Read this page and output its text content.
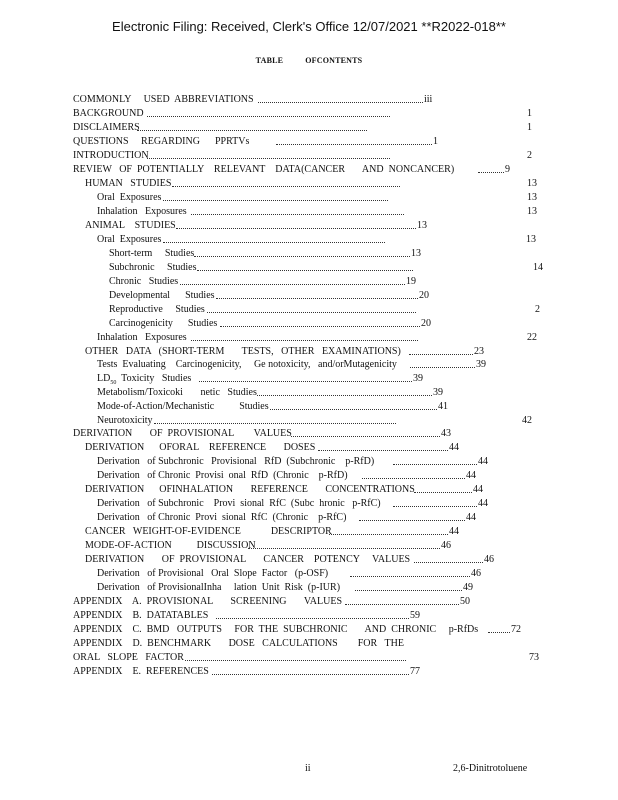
Electronic Filing: Received, Clerk's Office 12/07/2021 **R2022-018**
TABLE	OFCONTENTS
COMMONLY     USED  ABBREVIATIONS	iii
BACKGROUND	1
DISCLAIMERS	1
QUESTIONS     REGARDING      PPRTVs	1
INTRODUCTION	2
REVIEW   OF  POTENTIALLY    RELEVANT    DATA(CANCER       AND  NONCANCER)	9
HUMAN   STUDIES	13
Oral  Exposures	13
Inhalation   Exposures	13
ANIMAL    STUDIES	13
Oral  Exposures	13
Short-term     Studies	13
Subchronic     Studies	14
Chronic   Studies	19
Developmental      Studies	20
Reproductive     Studies	2
Carcinogenicity      Studies	20
Inhalation   Exposures	22
OTHER   DATA   (SHORT-TERM       TESTS,   OTHER   EXAMINATIONS)	23
Tests  Evaluating    Carcinogenicity,     Ge notoxicity,   and/orMutagenicity	39
$LD_{50}$  Toxicity   Studies	39
Metabolism/Toxicoki       netic   Studies	39
Mode-of-Action/Mechanistic          Studies	41
Neurotoxicity	42
DERIVATION       OF  PROVISIONAL        VALUES	43
DERIVATION      OFORAL    REFERENCE       DOSES	44
Derivation   of Subchronic   Provisional   RfD  (Subchronic    p-RfD)	44
Derivation   of Chronic  Provisi  onal  RfD  (Chronic    p-RfD)	44
DERIVATION      OFINHALATION       REFERENCE       CONCENTRATIONS	44
Derivation   of Subchronic    Provi  sional  RfC  (Subc  hronic   p-RfC)	44
Derivation   of Chronic  Provi  sional  RfC  (Chronic    p-RfC)	44
CANCER   WEIGHT-OF-EVIDENCE            DESCRIPTOR	44
MODE-OF-ACTION          DISCUSSION	46
DERIVATION       OF  PROVISIONAL       CANCER    POTENCY     VALUES	46
Derivation   of Provisional   Oral  Slope  Factor   (p-OSF)	46
Derivation   of ProvisionalInha     lation  Unit  Risk  (p-IUR)	49
APPENDIX    A.  PROVISIONAL       SCREENING       VALUES	50
APPENDIX    B.  DATATABLES	59
APPENDIX    C.  BMD   OUTPUTS     FOR  THE  SUBCHRONIC       AND  CHRONIC     p-RfDs	72
APPENDIX    D.  BENCHMARK       DOSE   CALCULATIONS        FOR   THE
ORAL   SLOPE   FACTOR	73
APPENDIX    E.  REFERENCES	77
ii	2,6-Dinitrotoluene
